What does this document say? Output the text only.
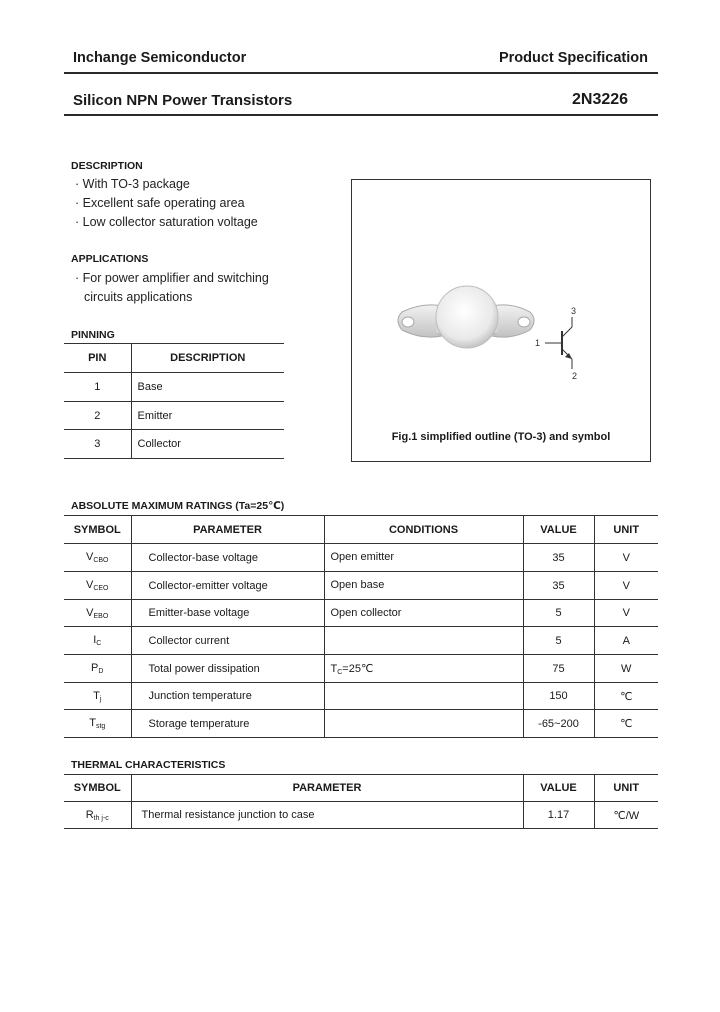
Inchange Semiconductor	Product Specification
Silicon NPN Power Transistors	2N3226
DESCRIPTION
· With TO-3 package
· Excellent safe operating area
· Low collector saturation voltage
APPLICATIONS
· For power amplifier and switching
circuits applications
PINNING
PIN	DESCRIPTION
1	Base
2	Emitter
3	Collector
1
3
2
Fig.1 simplified outline (TO-3) and symbol
ABSOLUTE MAXIMUM RATINGS (Ta=25℃)
SYMBOL	PARAMETER	CONDITIONS	VALUE	UNIT
$V_{CBO}$	Collector-base voltage	Open emitter	35	V
$V_{CEO}$	Collector-emitter voltage	Open base	35	V
$V_{EBO}$	Emitter-base voltage	Open collector	5	V
$I_C$	Collector current		5	A
$P_D$	Total power dissipation	$T_C=25℃$	75	W
$T_j$	Junction temperature		150	℃
$T_{stg}$	Storage temperature		-65~200	℃
THERMAL CHARACTERISTICS
SYMBOL	PARAMETER	VALUE	UNIT
$R_{th j-c}$	Thermal resistance junction to case	1.17	℃/W
